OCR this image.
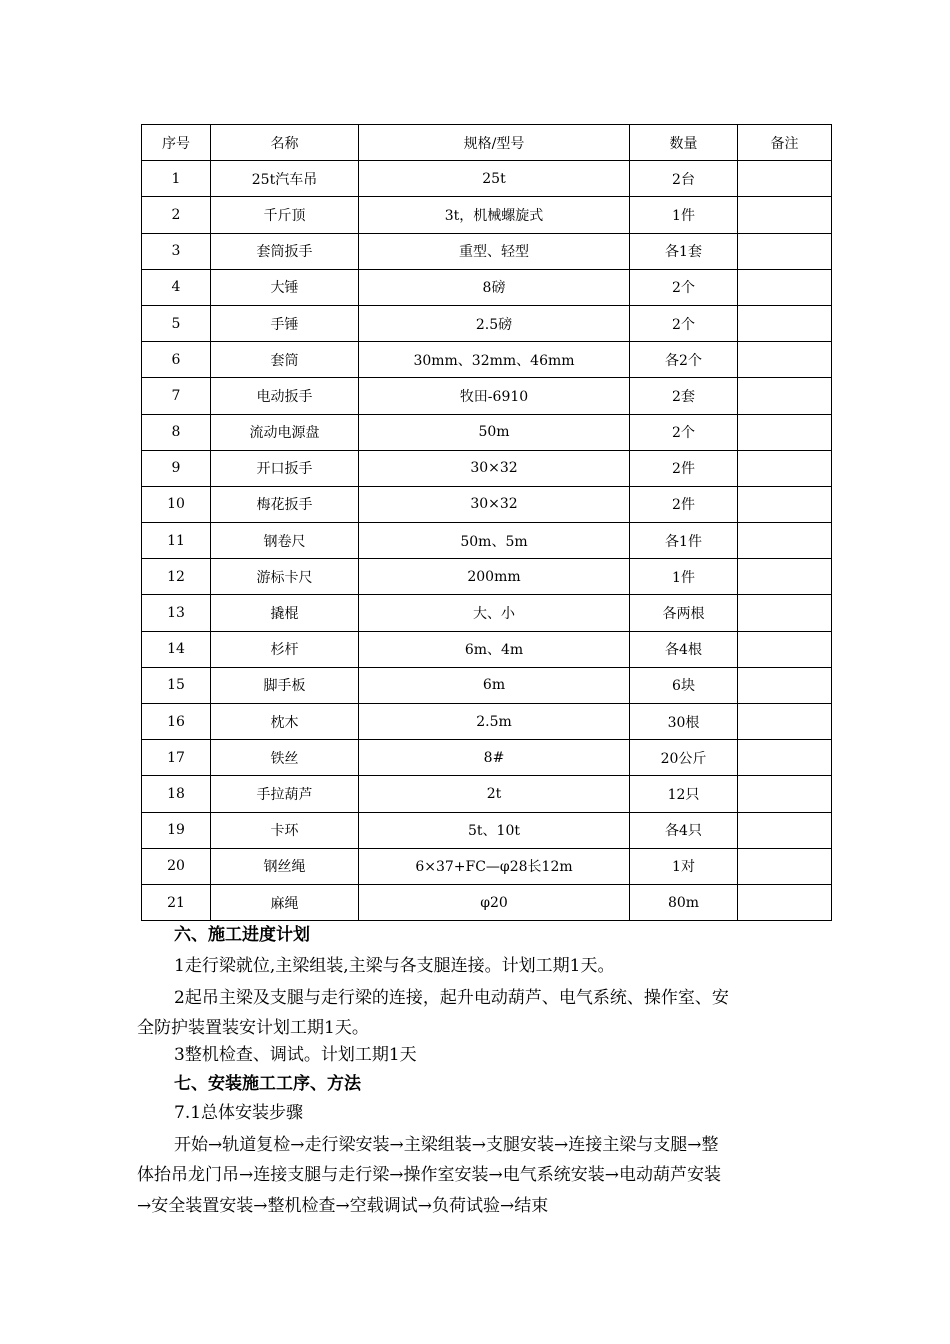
序号	名称	规格/型号	数量	备注
1	25t汽车吊	25t	2台	
2	千斤顶	3t，机械螺旋式	1件	
3	套筒扳手	重型、轻型	各1套	
4	大锤	8磅	2个	
5	手锤	2.5磅	2个	
6	套筒	30mm、32mm、46mm	各2个	
7	电动扳手	牧田-6910	2套	
8	流动电源盘	50m	2个	
9	开口扳手	30×32	2件	
10	梅花扳手	30×32	2件	
11	钢卷尺	50m、5m	各1件	
12	游标卡尺	200mm	1件	
13	撬棍	大、小	各两根	
14	杉杆	6m、4m	各4根	
15	脚手板	6m	6块	
16	枕木	2.5m	30根	
17	铁丝	8#	20公斤	
18	手拉葫芦	2t	12只	
19	卡环	5t、10t	各4只	
20	钢丝绳	6×37+FC—φ28长12m	1对	
21	麻绳	φ20	80m	
六、施工进度计划
1走行梁就位,主梁组装,主梁与各支腿连接。计划工期1天。
2起吊主梁及支腿与走行梁的连接，起升电动葫芦、电气系统、操作室、安
全防护装置装安计划工期1天。
3整机检查、调试。计划工期1天
七、安装施工工序、方法
7.1总体安装步骤
开始→轨道复检→走行梁安装→主梁组装→支腿安装→连接主梁与支腿→整
体抬吊龙门吊→连接支腿与走行梁→操作室安装→电气系统安装→电动葫芦安装
→安全装置安装→整机检查→空载调试→负荷试验→结束
